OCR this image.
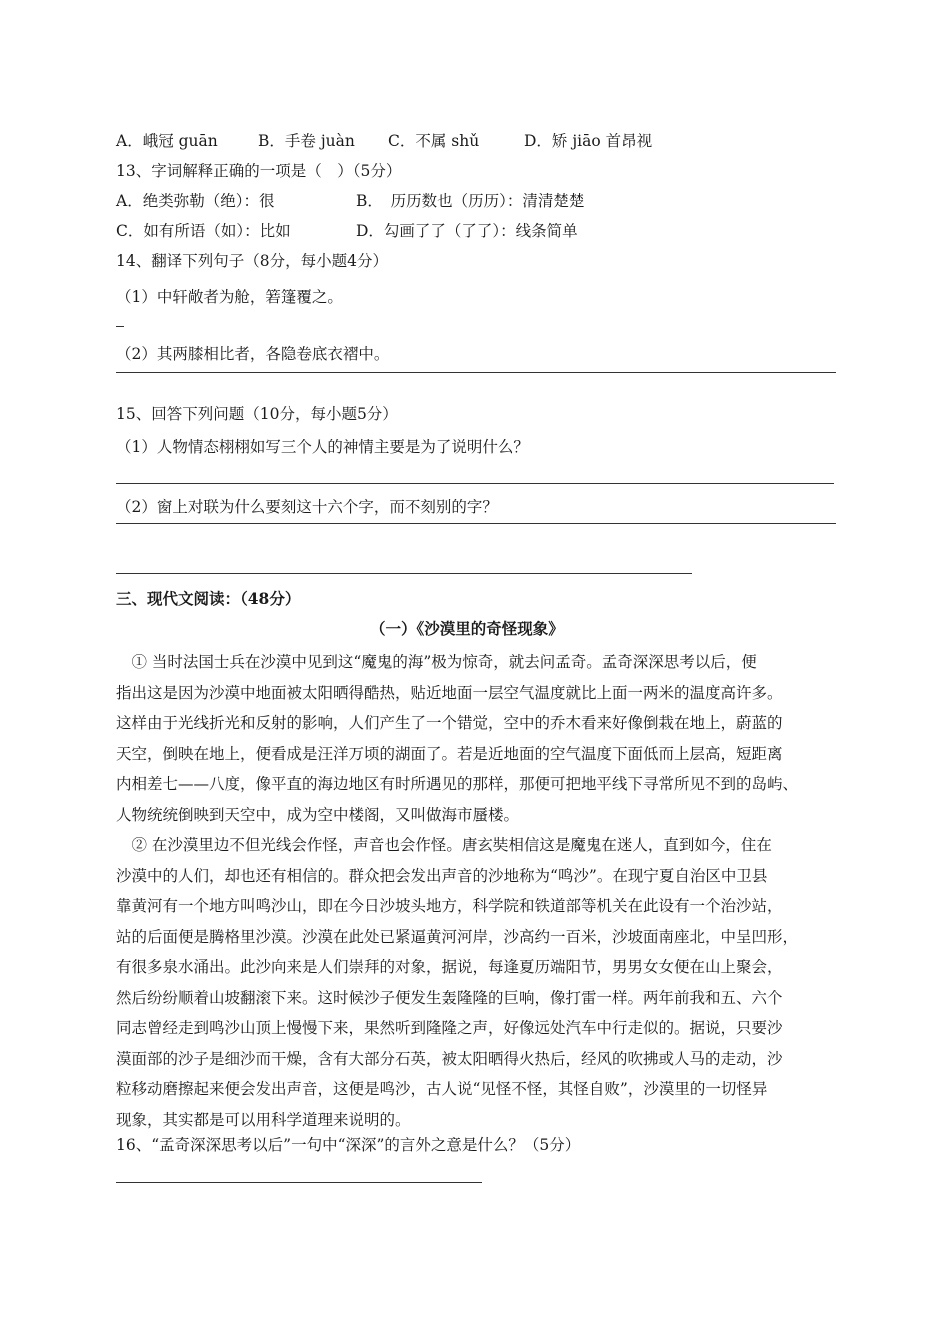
A．峨冠 guān	B．手卷 juàn C．不属 shǔ	D．矫 jiāo 首昂视
13、字词解释正确的一项是（　）（5分）
A．绝类弥勒（绝）：很	B．　历历数也（历历）：清清楚楚
C．如有所语（如）：比如	D．勾画了了（了了）：线条简单
14、翻译下列句子（8分，每小题4分）
（1）中轩敞者为舱，箬篷覆之。
（2）其两膝相比者，各隐卷底衣褶中。
15、回答下列问题（10分，每小题5分）
（1）人物情态栩栩如写三个人的神情主要是为了说明什么？
（2）窗上对联为什么要刻这十六个字，而不刻别的字？
三、现代文阅读：（48分）
（一）《沙漠里的奇怪现象》
　① 当时法国士兵在沙漠中见到这“魔鬼的海”极为惊奇，就去问孟奇。孟奇深深思考以后，便
指出这是因为沙漠中地面被太阳晒得酷热，贴近地面一层空气温度就比上面一两米的温度高许多。
这样由于光线折光和反射的影响，人们产生了一个错觉，空中的乔木看来好像倒栽在地上，蔚蓝的
天空，倒映在地上，便看成是汪洋万顷的湖面了。若是近地面的空气温度下面低而上层高，短距离
内相差七——八度，像平直的海边地区有时所遇见的那样，那便可把地平线下寻常所见不到的岛屿、
人物统统倒映到天空中，成为空中楼阁，又叫做海市蜃楼。
　② 在沙漠里边不但光线会作怪，声音也会作怪。唐玄奘相信这是魔鬼在迷人，直到如今，住在
沙漠中的人们，却也还有相信的。群众把会发出声音的沙地称为“鸣沙”。在现宁夏自治区中卫县
靠黄河有一个地方叫鸣沙山，即在今日沙坡头地方，科学院和铁道部等机关在此设有一个治沙站，
站的后面便是腾格里沙漠。沙漠在此处已紧逼黄河河岸，沙高约一百米，沙坡面南座北，中呈凹形，
有很多泉水涌出。此沙向来是人们崇拜的对象，据说，每逢夏历端阳节，男男女女便在山上聚会，
然后纷纷顺着山坡翻滚下来。这时候沙子便发生轰隆隆的巨响，像打雷一样。两年前我和五、六个
同志曾经走到鸣沙山顶上慢慢下来，果然听到隆隆之声，好像远处汽车中行走似的。据说，只要沙
漠面部的沙子是细沙而干燥，含有大部分石英，被太阳晒得火热后，经风的吹拂或人马的走动，沙
粒移动磨擦起来便会发出声音，这便是鸣沙，古人说“见怪不怪，其怪自败”，沙漠里的一切怪异
现象，其实都是可以用科学道理来说明的。
16、“孟奇深深思考以后”一句中“深深”的言外之意是什么？（5分）
